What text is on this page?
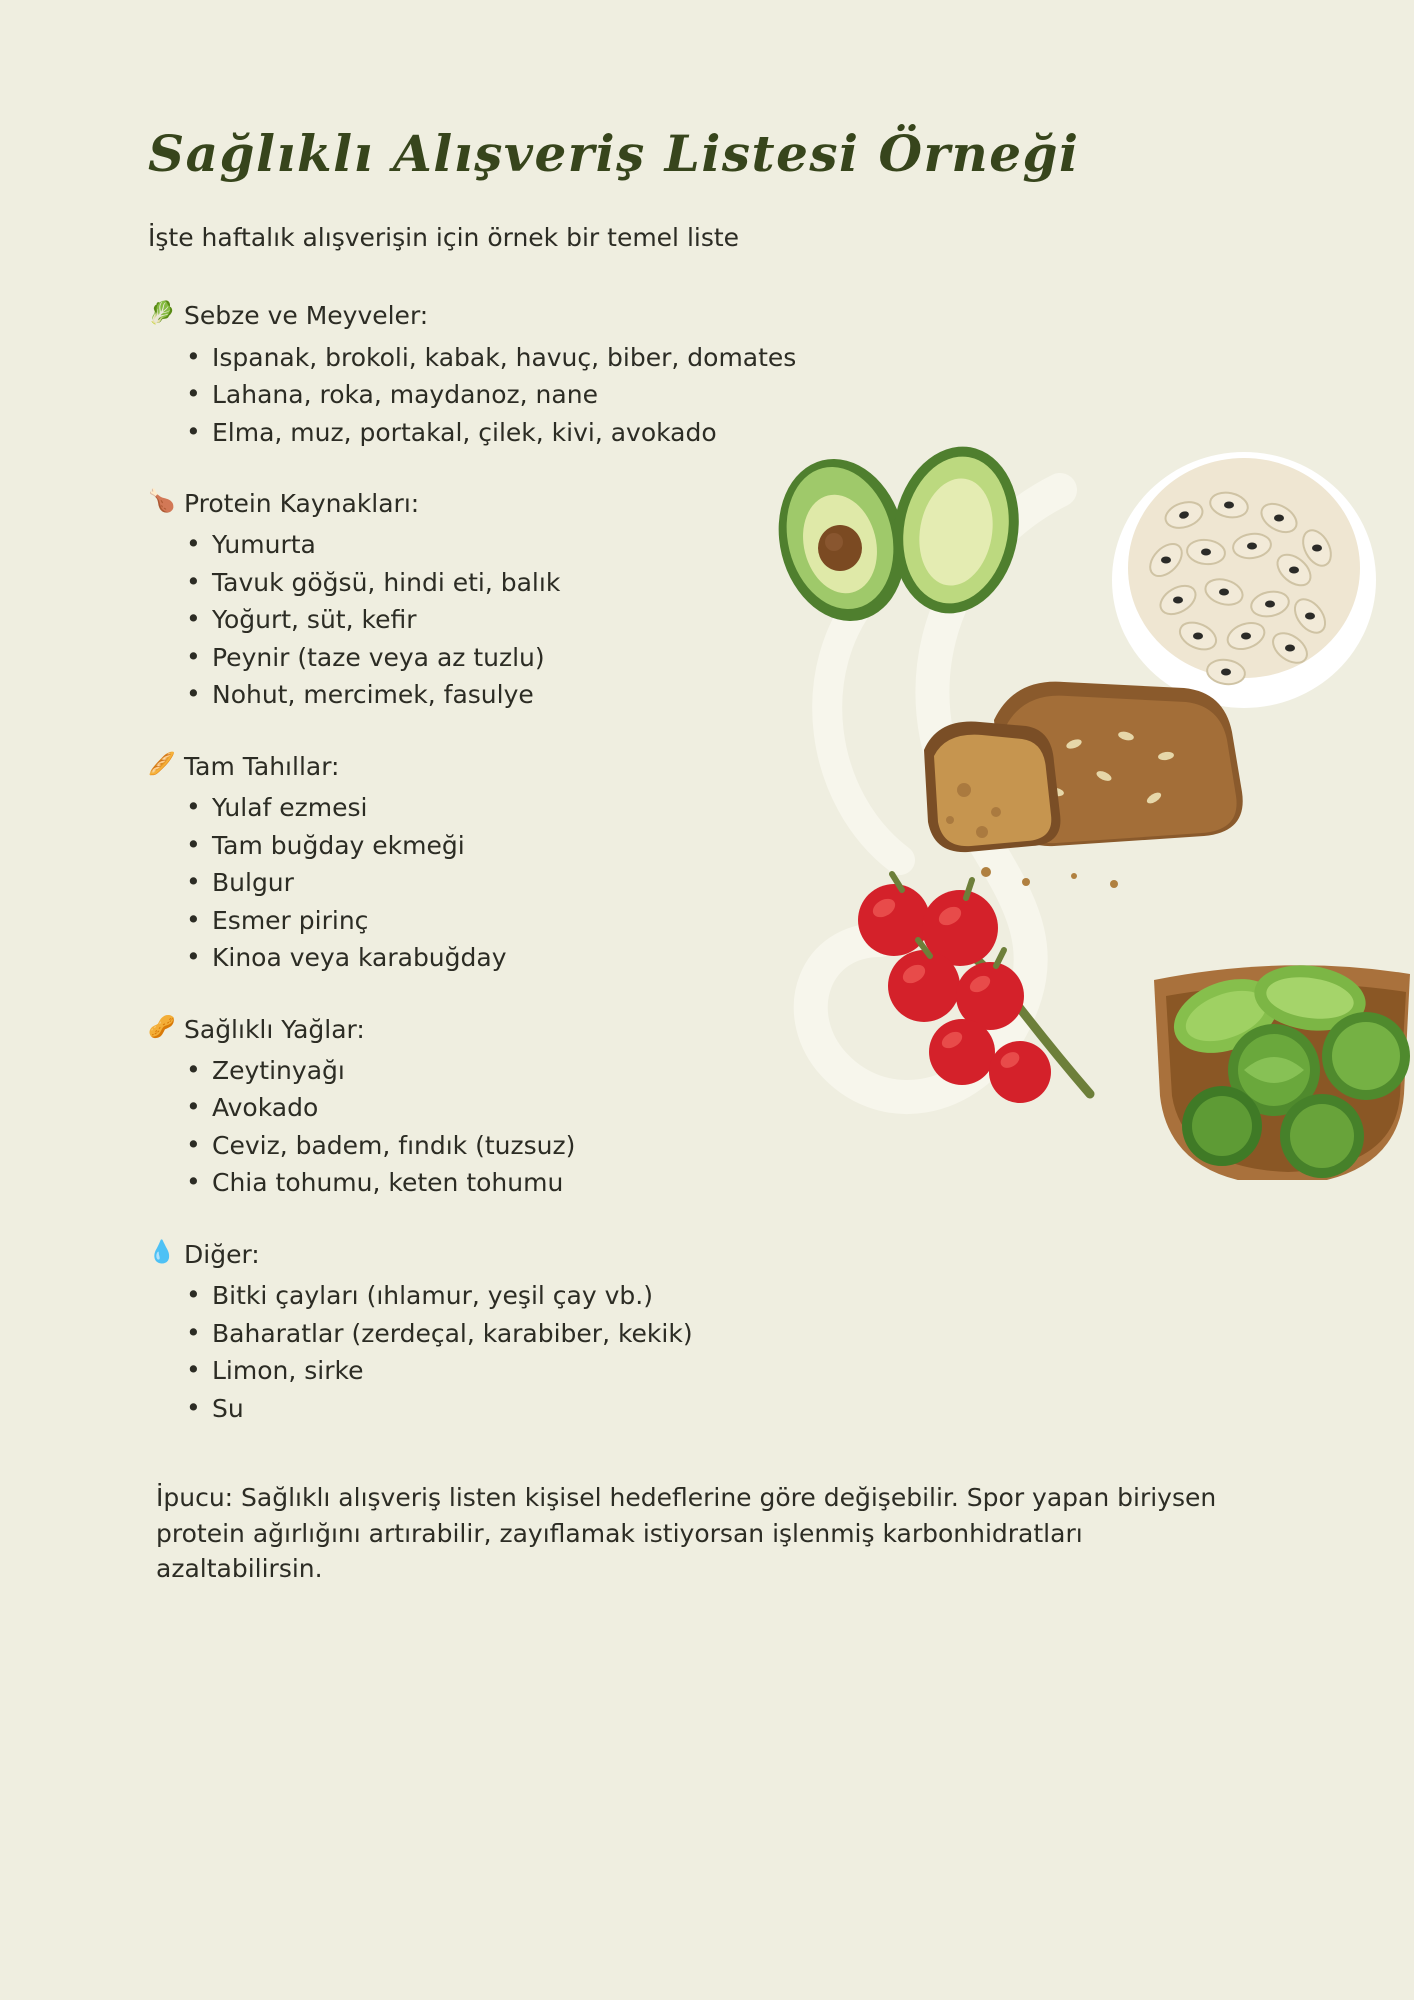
Sağlıklı Alışveriş Listesi Örneği

İşte haftalık alışverişin için örnek bir temel liste

🥬 Sebze ve Meyveler:
• Ispanak, brokoli, kabak, havuç, biber, domates
• Lahana, roka, maydanoz, nane
• Elma, muz, portakal, çilek, kivi, avokado
🍗 Protein Kaynakları:
• Yumurta
• Tavuk göğsü, hindi eti, balık
• Yoğurt, süt, kefir
• Peynir (taze veya az tuzlu)
• Nohut, mercimek, fasulye
🥖 Tam Tahıllar:
• Yulaf ezmesi
• Tam buğday ekmeği
• Bulgur
• Esmer pirinç
• Kinoa veya karabuğday
🥜 Sağlıklı Yağlar:
• Zeytinyağı
• Avokado
• Ceviz, badem, fındık (tuzsuz)
• Chia tohumu, keten tohumu
💧 Diğer:
• Bitki çayları (ıhlamur, yeşil çay vb.)
• Baharatlar (zerdeçal, karabiber, kekik)
• Limon, sirke
• Su

İpucu: Sağlıklı alışveriş listen kişisel hedeflerine göre değişebilir. Spor yapan biriysen protein ağırlığını artırabilir, zayıflamak istiyorsan işlenmiş karbonhidratları azaltabilirsin.
